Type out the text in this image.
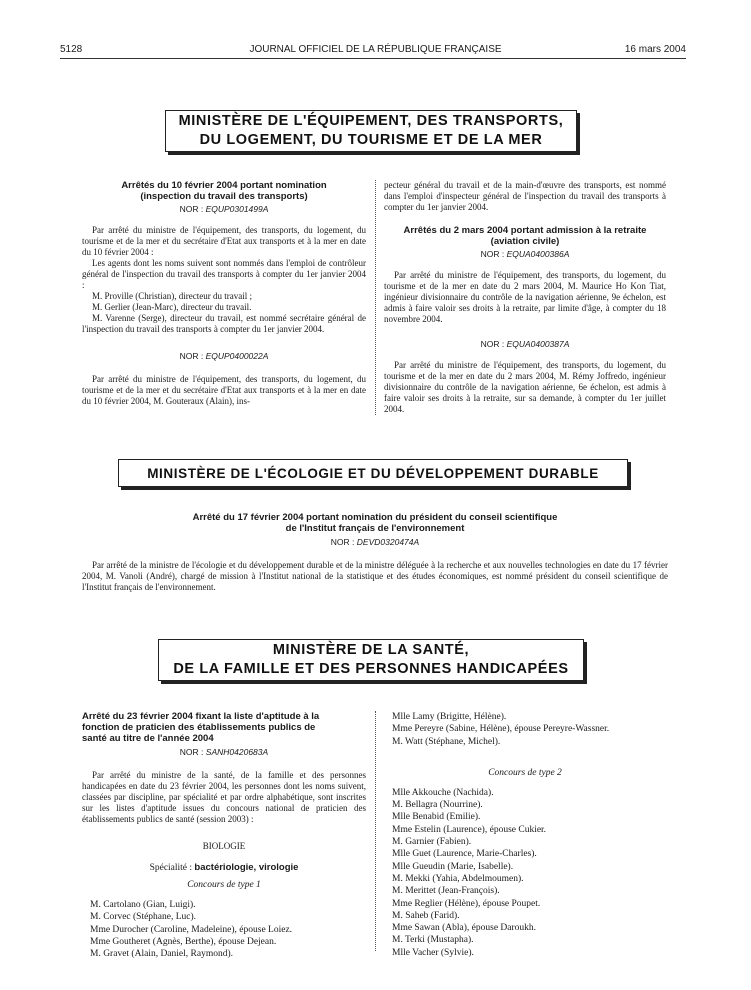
5128	JOURNAL OFFICIEL DE LA RÉPUBLIQUE FRANÇAISE	16 mars 2004
MINISTÈRE DE L'ÉQUIPEMENT, DES TRANSPORTS,
DU LOGEMENT, DU TOURISME ET DE LA MER
Arrêtés du 10 février 2004 portant nomination
(inspection du travail des transports)
NOR : EQUP0301499A

Par arrêté du ministre de l'équipement, des transports, du logement, du tourisme et de la mer et du secrétaire d'Etat aux transports et à la mer en date du 10 février 2004 :

Les agents dont les noms suivent sont nommés dans l'emploi de contrôleur général de l'inspection du travail des transports à compter du 1er janvier 2004 :

M. Proville (Christian), directeur du travail ;

M. Gerlier (Jean-Marc), directeur du travail.

M. Varenne (Serge), directeur du travail, est nommé secrétaire général de l'inspection du travail des transports à compter du 1er janvier 2004.

NOR : EQUP0400022A

Par arrêté du ministre de l'équipement, des transports, du logement, du tourisme et de la mer et du secrétaire d'Etat aux transports et à la mer en date du 10 février 2004, M. Gouteraux (Alain), ins-

pecteur général du travail et de la main-d'œuvre des transports, est nommé dans l'emploi d'inspecteur général de l'inspection du travail des transports à compter du 1er janvier 2004.

Arrêtés du 2 mars 2004 portant admission à la retraite
(aviation civile)
NOR : EQUA0400386A

Par arrêté du ministre de l'équipement, des transports, du logement, du tourisme et de la mer en date du 2 mars 2004, M. Maurice Ho Kon Tiat, ingénieur divisionnaire du contrôle de la navigation aérienne, 9e échelon, est admis à faire valoir ses droits à la retraite, par limite d'âge, à compter du 18 novembre 2004.

NOR : EQUA0400387A

Par arrêté du ministre de l'équipement, des transports, du logement, du tourisme et de la mer en date du 2 mars 2004, M. Rémy Joffredo, ingénieur divisionnaire du contrôle de la navigation aérienne, 6e échelon, est admis à faire valoir ses droits à la retraite, sur sa demande, à compter du 1er juillet 2004.

MINISTÈRE DE L'ÉCOLOGIE ET DU DÉVELOPPEMENT DURABLE
Arrêté du 17 février 2004 portant nomination du président du conseil scientifique
de l'Institut français de l'environnement
NOR : DEVD0320474A

Par arrêté de la ministre de l'écologie et du développement durable et de la ministre déléguée à la recherche et aux nouvelles technologies en date du 17 février 2004, M. Vanoli (André), chargé de mission à l'Institut national de la statistique et des études économiques, est nommé président du conseil scientifique de l'Institut français de l'environnement.

MINISTÈRE DE LA SANTÉ,
DE LA FAMILLE ET DES PERSONNES HANDICAPÉES
Arrêté du 23 février 2004 fixant la liste d'aptitude à la
fonction de praticien des établissements publics de
santé au titre de l'année 2004
NOR : SANH0420683A

Par arrêté du ministre de la santé, de la famille et des personnes handicapées en date du 23 février 2004, les personnes dont les noms suivent, classées par discipline, par spécialité et par ordre alphabétique, sont inscrites sur les listes d'aptitude issues du concours national de praticien des établissements publics de santé (session 2003) :

BIOLOGIE
Spécialité : bactériologie, virologie
Concours de type 1
M. Cartolano (Gian, Luigi).
M. Corvec (Stéphane, Luc).
Mme Durocher (Caroline, Madeleine), épouse Loiez.
Mme Goutheret (Agnès, Berthe), épouse Dejean.
M. Gravet (Alain, Daniel, Raymond).
Mlle Lamy (Brigitte, Hélène).
Mme Pereyre (Sabine, Hélène), épouse Pereyre-Wassner.
M. Watt (Stéphane, Michel).
Concours de type 2
Mlle Akkouche (Nachida).
M. Bellagra (Nourrine).
Mlle Benabid (Emilie).
Mme Estelin (Laurence), épouse Cukier.
M. Garnier (Fabien).
Mlle Guet (Laurence, Marie-Charles).
Mlle Gueudin (Marie, Isabelle).
M. Mekki (Yahia, Abdelmoumen).
M. Merittet (Jean-François).
Mme Reglier (Hélène), épouse Poupet.
M. Saheb (Farid).
Mme Sawan (Abla), épouse Daroukh.
M. Terki (Mustapha).
Mlle Vacher (Sylvie).
